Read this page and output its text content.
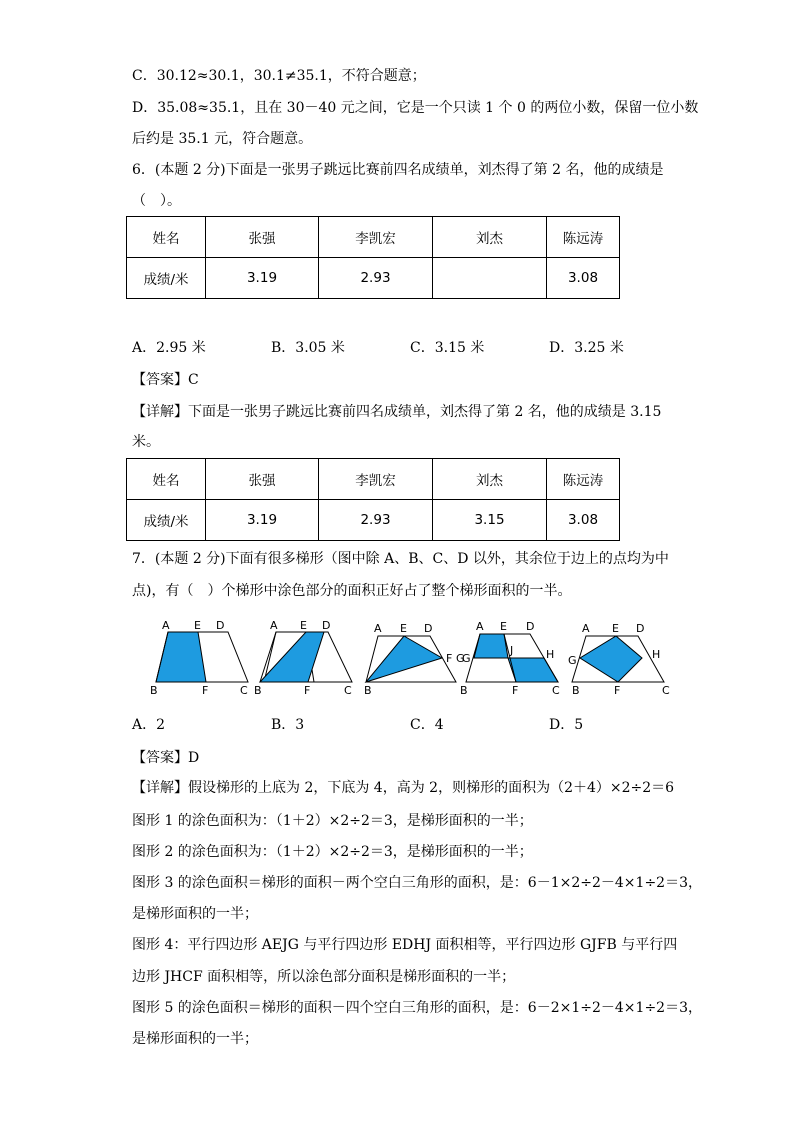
C．30.12≈30.1，30.1≠35.1，不符合题意；
D．35.08≈35.1，且在 30－40 元之间，它是一个只读 1 个 0 的两位小数，保留一位小数
后约是 35.1 元，符合题意。
6．(本题 2 分)下面是一张男子跳远比赛前四名成绩单，刘杰得了第 2 名，他的成绩是
（　）。
姓名	张强	李凯宏	刘杰	陈远涛
成绩/米	3.19	2.93		3.08
A．2.95 米	B．3.05 米	C．3.15 米	D．3.25 米
【答案】C
【详解】下面是一张男子跳远比赛前四名成绩单，刘杰得了第 2 名，他的成绩是 3.15
米。
姓名	张强	李凯宏	刘杰	陈远涛
成绩/米	3.19	2.93	3.15	3.08
7．(本题 2 分)下面有很多梯形（图中除 A、B、C、D 以外，其余位于边上的点均为中
点)，有（　）个梯形中涂色部分的面积正好占了整个梯形面积的一半。
A E D
B	F	C
A E D
B	F	C
A E D
F G
B
A E D
J	H
G
B	F	C
A E D
G	H
B	F	C
A．2	B．3	C．4	D．5
【答案】D
【详解】假设梯形的上底为 2，下底为 4，高为 2，则梯形的面积为（2＋4）×2÷2＝6
图形 1 的涂色面积为：（1＋2）×2÷2＝3，是梯形面积的一半；
图形 2 的涂色面积为：（1＋2）×2÷2＝3，是梯形面积的一半；
图形 3 的涂色面积＝梯形的面积－两个空白三角形的面积，是：6－1×2÷2－4×1÷2＝3，
是梯形面积的一半；
图形 4：平行四边形 AEJG 与平行四边形 EDHJ 面积相等，平行四边形 GJFB 与平行四
边形 JHCF 面积相等，所以涂色部分面积是梯形面积的一半；
图形 5 的涂色面积＝梯形的面积－四个空白三角形的面积，是：6－2×1÷2－4×1÷2＝3，
是梯形面积的一半；
